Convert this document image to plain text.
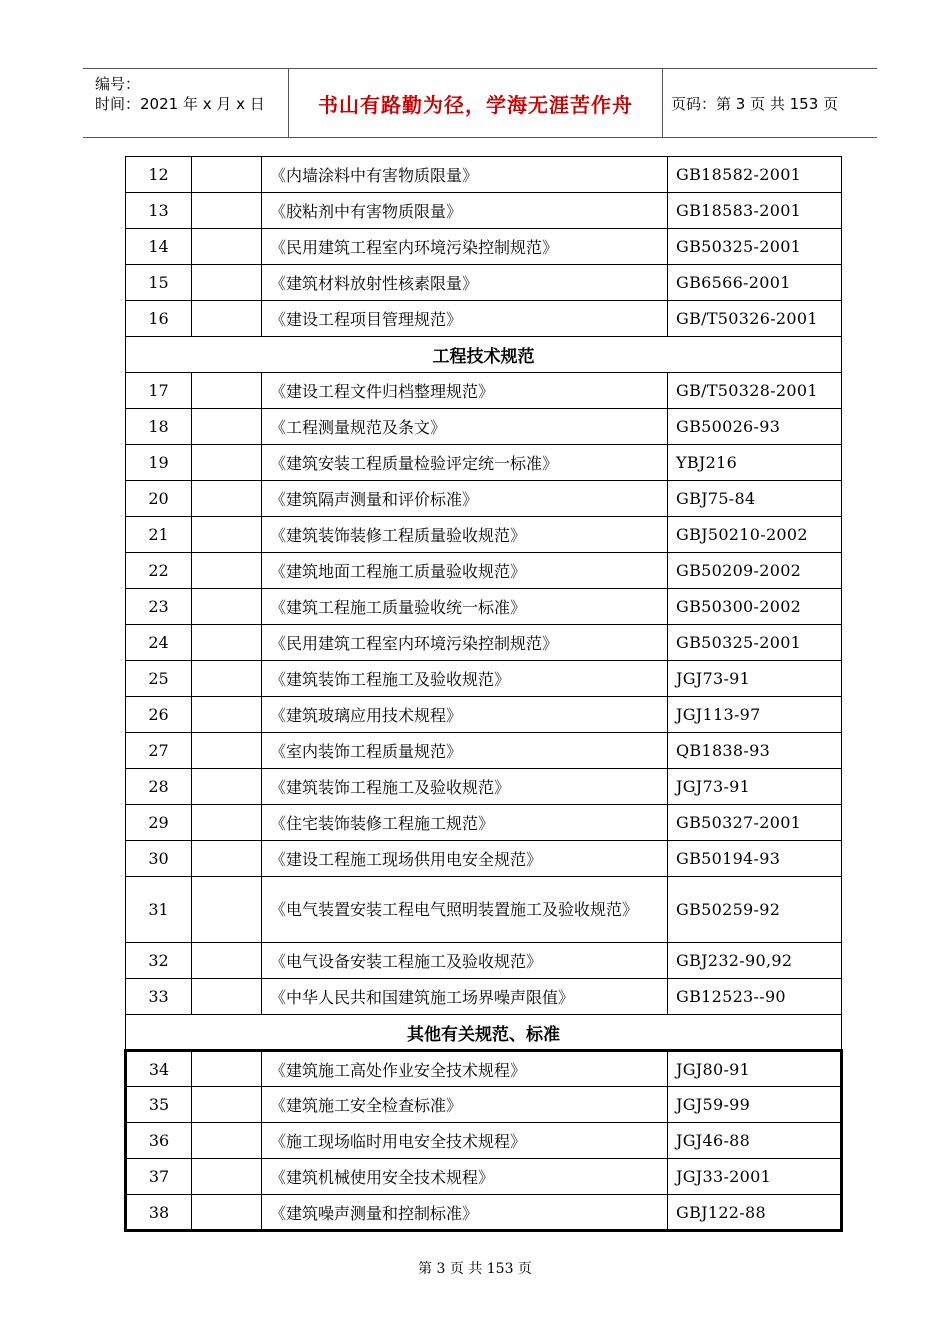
编号：
时间：2021 年 x 月 x 日	书山有路勤为径，学海无涯苦作舟	页码：第 3 页 共 153 页
12		《内墙涂料中有害物质限量》	GB18582-2001
13		《胶粘剂中有害物质限量》	GB18583-2001
14		《民用建筑工程室内环境污染控制规范》	GB50325-2001
15		《建筑材料放射性核素限量》	GB6566-2001
16		《建设工程项目管理规范》	GB/T50326-2001
工程技术规范			
17		《建设工程文件归档整理规范》	GB/T50328-2001
18		《工程测量规范及条文》	GB50026-93
19		《建筑安装工程质量检验评定统一标准》	YBJ216
20		《建筑隔声测量和评价标准》	GBJ75-84
21		《建筑装饰装修工程质量验收规范》	GBJ50210-2002
22		《建筑地面工程施工质量验收规范》	GB50209-2002
23		《建筑工程施工质量验收统一标准》	GB50300-2002
24		《民用建筑工程室内环境污染控制规范》	GB50325-2001
25		《建筑装饰工程施工及验收规范》	JGJ73-91
26		《建筑玻璃应用技术规程》	JGJ113-97
27		《室内装饰工程质量规范》	QB1838-93
28		《建筑装饰工程施工及验收规范》	JGJ73-91
29		《住宅装饰装修工程施工规范》	GB50327-2001
30		《建设工程施工现场供用电安全规范》	GB50194-93
31		《电气装置安装工程电气照明装置施工及验收规范》	GB50259-92
32		《电气设备安装工程施工及验收规范》	GBJ232-90,92
33		《中华人民共和国建筑施工场界噪声限值》	GB12523--90
其他有关规范、标准			
34		《建筑施工高处作业安全技术规程》	JGJ80-91
35		《建筑施工安全检查标准》	JGJ59-99
36		《施工现场临时用电安全技术规程》	JGJ46-88
37		《建筑机械使用安全技术规程》	JGJ33-2001
38		《建筑噪声测量和控制标准》	GBJ122-88
第 3 页 共 153 页
